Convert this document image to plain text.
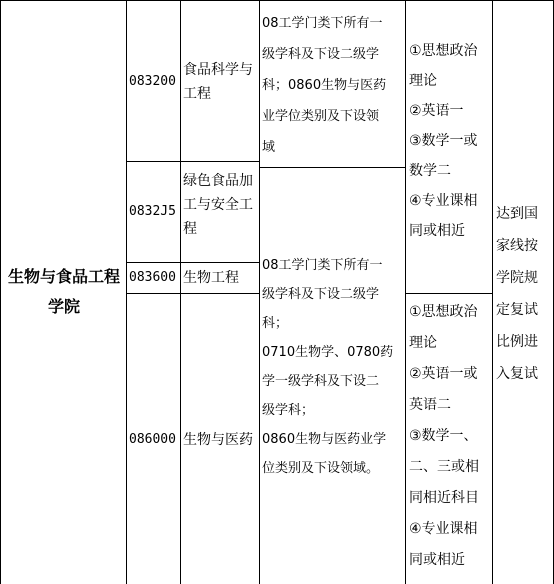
生物与食品工程学院
083200
0832J5
083600
086000
食品科学与
工程
绿色食品加
工与安全工
程
生物工程
生物与医药
08工学门类下所有一
级学科及下设二级学
科；0860生物与医药
业学位类别及下设领
域
08工学门类下所有一
级学科及下设二级学
科；
0710生物学、0780药
学一级学科及下设二
级学科；
0860生物与医药业学
位类别及下设领域。
①思想政治
理论
②英语一
③数学一或
数学二
④专业课相
同或相近
①思想政治
理论
②英语一或
英语二
③数学一、
二、三或相
同相近科目
④专业课相
同或相近
达到国
家线按
学院规
定复试
比例进
入复试
